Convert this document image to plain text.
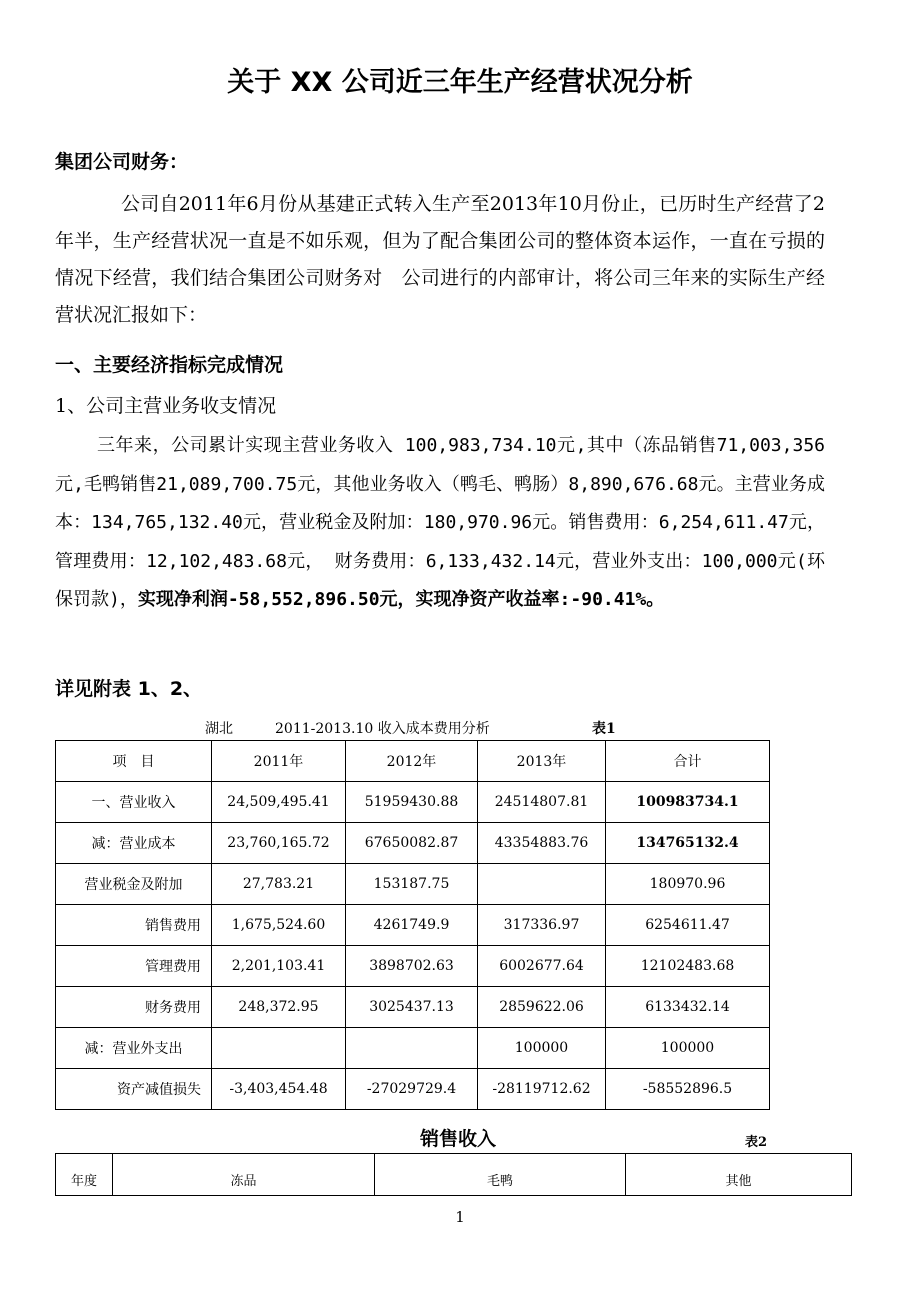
关于 XX 公司近三年生产经营状况分析

集团公司财务：

公司自2011年6月份从基建正式转入生产至2013年10月份止，已历时生产经营了2年半，生产经营状况一直是不如乐观，但为了配合集团公司的整体资本运作，一直在亏损的情况下经营，我们结合集团公司财务对　公司进行的内部审计，将公司三年来的实际生产经营状况汇报如下：

一、主要经济指标完成情况

1、公司主营业务收支情况

三年来，公司累计实现主营业务收入 100,983,734.10元,其中（冻品销售71,003,356元,毛鸭销售21,089,700.75元，其他业务收入（鸭毛、鸭肠）8,890,676.68元。主营业务成本：134,765,132.40元，营业税金及附加：180,970.96元。销售费用：6,254,611.47元，管理费用：12,102,483.68元， 财务费用：6,133,432.14元，营业外支出：100,000元(环保罚款)，实现净利润-58,552,896.50元，实现净资产收益率:-90.41%。

详见附表 1、2、

湖北	2011-2013.10 收入成本费用分析	表1
项　目	2011年	2012年	2013年	合计
一、营业收入	24,509,495.41	51959430.88	24514807.81	100983734.1
减：营业成本	23,760,165.72	67650082.87	43354883.76	134765132.4
营业税金及附加	27,783.21	153187.75		180970.96
销售费用	1,675,524.60	4261749.9	317336.97	6254611.47
管理费用	2,201,103.41	3898702.63	6002677.64	12102483.68
财务费用	248,372.95	3025437.13	2859622.06	6133432.14
减：营业外支出			100000	100000
资产减值损失	-3,403,454.48	-27029729.4	-28119712.62	-58552896.5
销售收入	表2
年度	冻品	毛鸭	其他
1
